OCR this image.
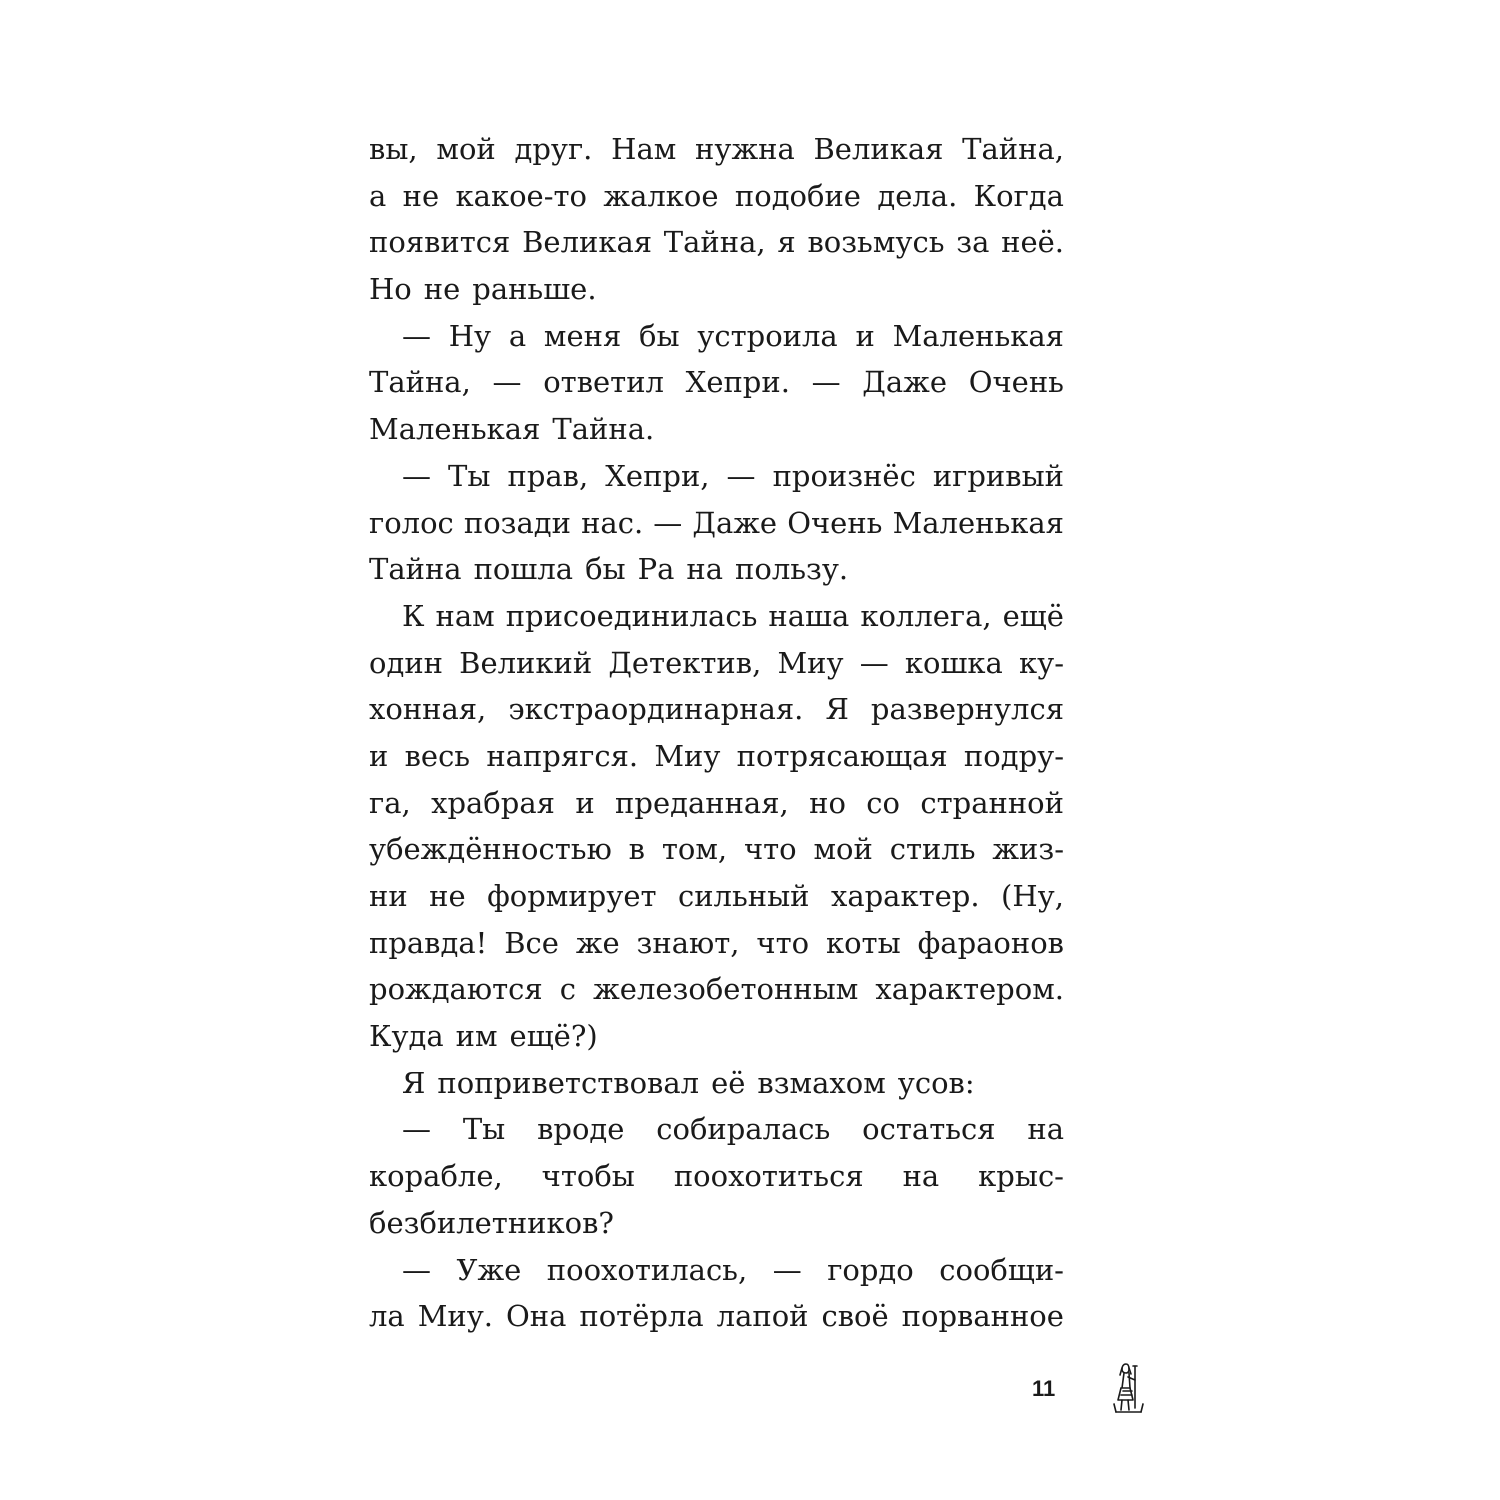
вы, мой друг. Нам нужна Великая Тайна,
а не какое-то жалкое подобие дела. Когда
появится Великая Тайна, я возьмусь за неё.
Но не раньше.
— Ну а меня бы устроила и Маленькая
Тайна, — ответил Хепри. — Даже Очень
Маленькая Тайна.
— Ты прав, Хепри, — произнёс игривый
голос позади нас. — Даже Очень Маленькая
Тайна пошла бы Ра на пользу.
К нам присоединилась наша коллега, ещё
один Великий Детектив, Миу — кошка ку-
хонная, экстраординарная. Я развернулся
и весь напрягся. Миу потрясающая подру-
га, храбрая и преданная, но со странной
убеждённостью в том, что мой стиль жиз-
ни не формирует сильный характер. (Ну,
правда! Все же знают, что коты фараонов
рождаются с железобетонным характером.
Куда им ещё?)
Я поприветствовал её взмахом усов:
— Ты вроде собиралась остаться на
корабле, чтобы поохотиться на крыс-
безбилетников?
— Уже поохотилась, — гордо сообщи-
ла Миу. Она потёрла лапой своё порванное
11
